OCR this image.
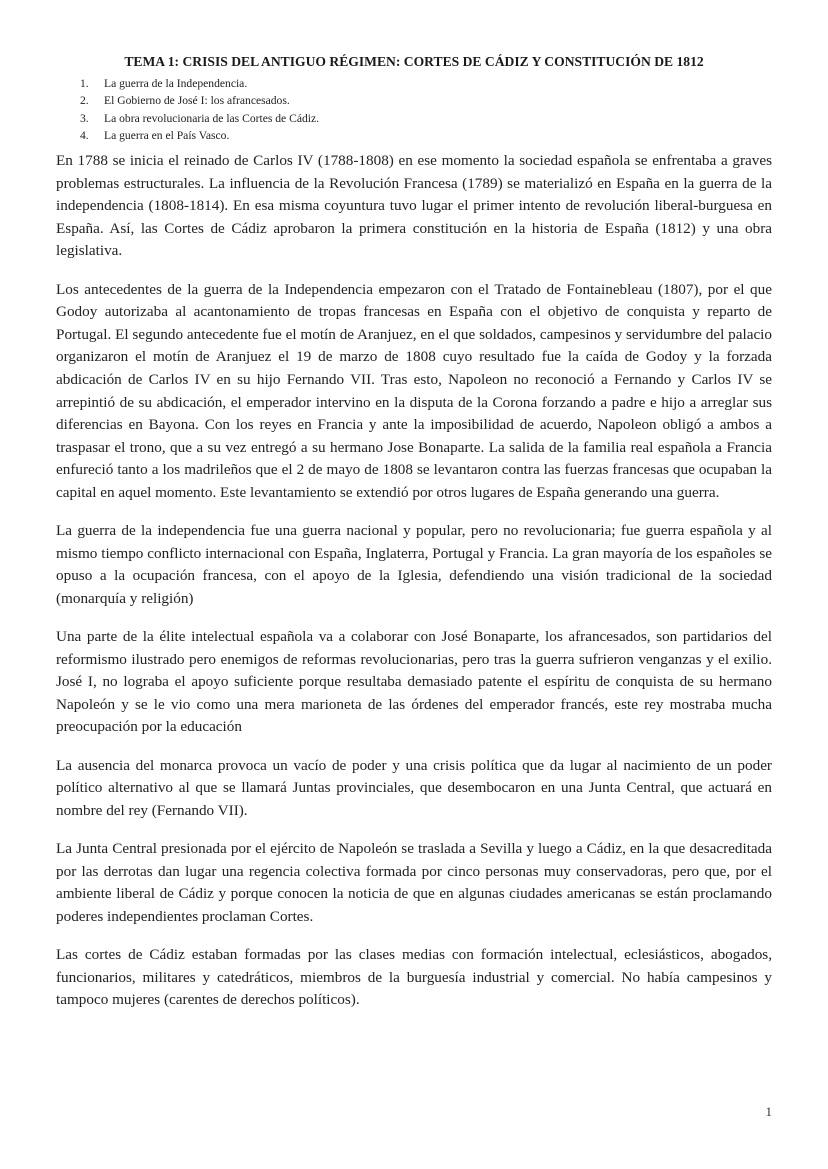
TEMA 1: CRISIS DEL ANTIGUO RÉGIMEN: CORTES DE CÁDIZ Y CONSTITUCIÓN DE 1812
1.	La guerra de la Independencia.
2.	El Gobierno de José I: los afrancesados.
3.	La obra revolucionaria de las Cortes de Cádiz.
4.	La guerra en el País Vasco.

En 1788 se inicia el reinado de Carlos IV (1788-1808) en ese momento la sociedad española se enfrentaba a graves problemas estructurales. La influencia de la Revolución Francesa (1789) se materializó en España en la guerra de la independencia (1808-1814). En esa misma coyuntura tuvo lugar el primer intento de revolución liberal-burguesa en España. Así, las Cortes de Cádiz aprobaron la primera constitución en la historia de España (1812) y una obra legislativa.

Los antecedentes de la guerra de la Independencia empezaron con el Tratado de Fontainebleau (1807), por el que Godoy autorizaba al acantonamiento de tropas francesas en España con el objetivo de conquista y reparto de Portugal. El segundo antecedente fue el motín de Aranjuez, en el que soldados, campesinos y servidumbre del palacio organizaron el motín de Aranjuez el 19 de marzo de 1808 cuyo resultado fue la caída de Godoy y la forzada abdicación de Carlos IV en su hijo Fernando VII. Tras esto, Napoleon no reconoció a Fernando y Carlos IV se arrepintió de su abdicación, el emperador intervino en la disputa de la Corona forzando a padre e hijo a arreglar sus diferencias en Bayona. Con los reyes en Francia y ante la imposibilidad de acuerdo, Napoleon obligó a ambos a traspasar el trono, que a su vez entregó a su hermano Jose Bonaparte. La salida de la familia real española a Francia enfureció tanto a los madrileños que el 2 de mayo de 1808 se levantaron contra las fuerzas francesas que ocupaban la capital en aquel momento. Este levantamiento se extendió por otros lugares de España generando una guerra.

La guerra de la independencia fue una guerra nacional y popular, pero no revolucionaria; fue guerra española y al mismo tiempo conflicto internacional con España, Inglaterra, Portugal y Francia. La gran mayoría de los españoles se opuso a la ocupación francesa, con el apoyo de la Iglesia, defendiendo una visión tradicional de la sociedad (monarquía y religión)

Una parte de la élite intelectual española va a colaborar con José Bonaparte, los afrancesados, son partidarios del reformismo ilustrado pero enemigos de reformas revolucionarias, pero tras la guerra sufrieron venganzas y el exilio. José I, no lograba el apoyo suficiente porque resultaba demasiado patente el espíritu de conquista de su hermano Napoleón y se le vio como una mera marioneta de las órdenes del emperador francés, este rey mostraba mucha preocupación por la educación

La ausencia del monarca provoca un vacío de poder y una crisis política que da lugar al nacimiento de un poder político alternativo al que se llamará Juntas provinciales, que desembocaron en una Junta Central, que actuará en nombre del rey (Fernando VII).

La Junta Central presionada por el ejército de Napoleón se traslada a Sevilla y luego a Cádiz, en la que desacreditada por las derrotas dan lugar una regencia colectiva formada por cinco personas muy conservadoras, pero que, por el ambiente liberal de Cádiz y porque conocen la noticia de que en algunas ciudades americanas se están proclamando poderes independientes proclaman Cortes.

Las cortes de Cádiz estaban formadas por las clases medias con formación intelectual, eclesiásticos, abogados, funcionarios, militares y catedráticos, miembros de la burguesía industrial y comercial. No había campesinos y tampoco mujeres (carentes de derechos políticos).

1
